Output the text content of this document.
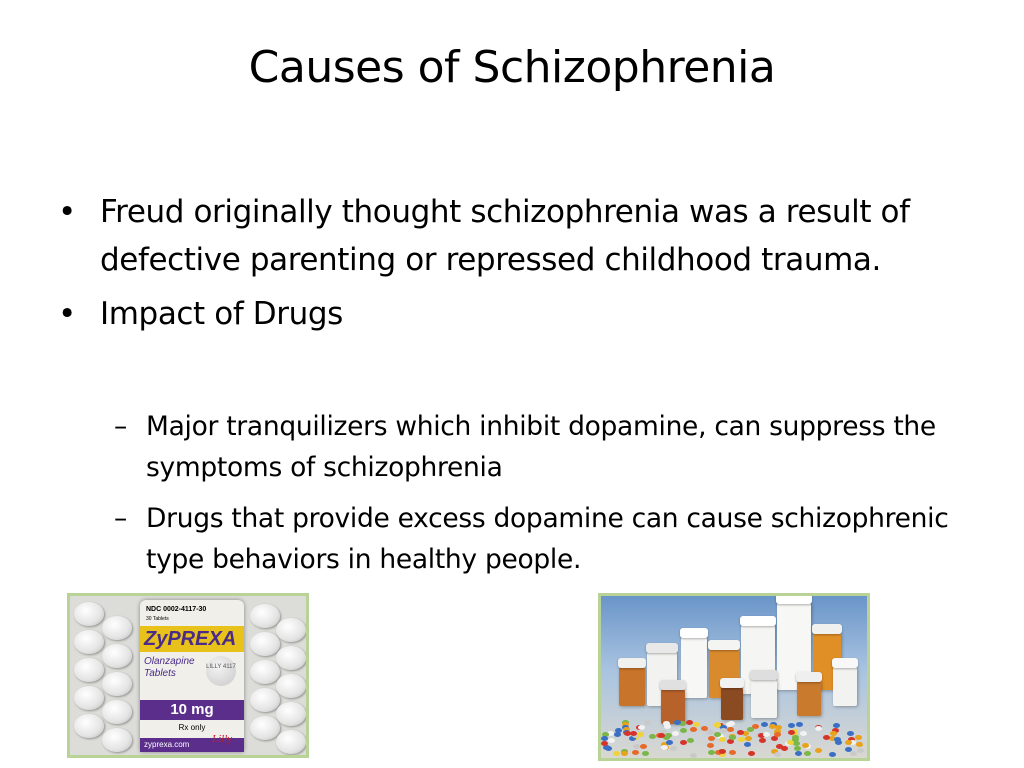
Causes of Schizophrenia
• Freud originally thought schizophrenia was a result of defective parenting or repressed childhood trauma.
• Impact of Drugs
– Major tranquilizers which inhibit dopamine, can suppress the symptoms of schizophrenia
– Drugs that provide excess dopamine can cause schizophrenic type behaviors in healthy people.
NDC 0002-4117-30
30 Tablets
ZyPREXA
Olanzapine Tablets
LILLY 4117
10 mg
Rx only
zyprexa.com	Lilly
